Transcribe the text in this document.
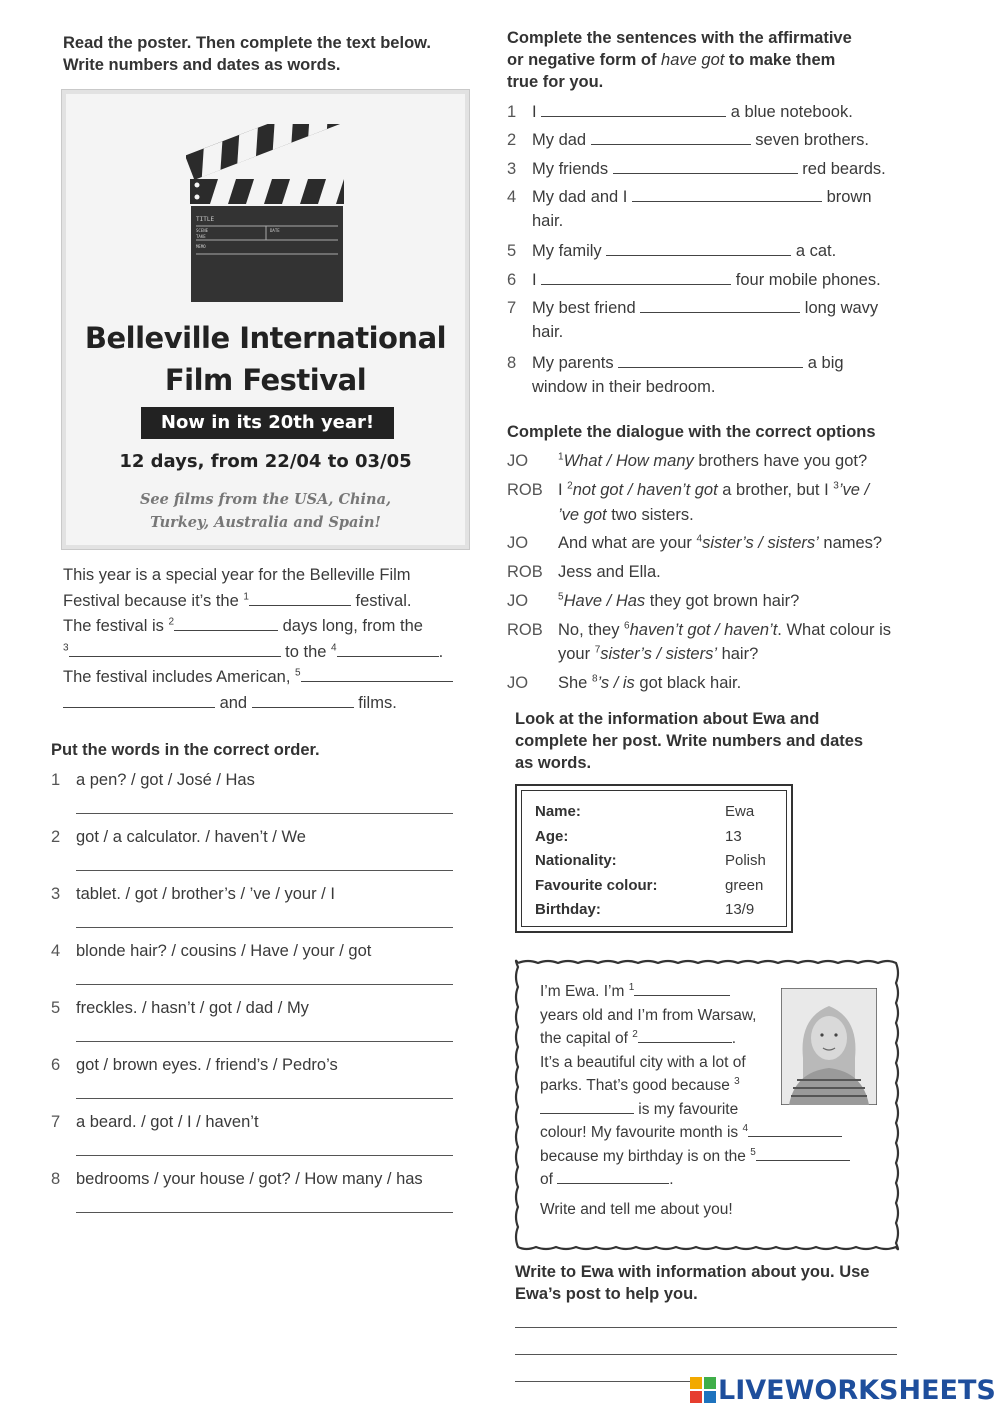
Read the poster. Then complete the text below.
Write numbers and dates as words.
TITLE
SCENE
TAKE
DATE
MEMO
Belleville International
Film Festival
Now in its 20th year!
12 days, from 22/04 to 03/05
See films from the USA, China,
Turkey, Australia and Spain!
This year is a special year for the Belleville Film
Festival because it’s the $^1$	festival.
The festival is $^2$	days long, from the
$^3$	to the $^4$	.
The festival includes American, $^5$
and	films.
Put the words in the correct order.
1 a pen? / got / José / Has
2 got / a calculator. / haven’t / We
3 tablet. / got / brother’s / ’ve / your / I
4 blonde hair? / cousins / Have / your / got
5 freckles. / hasn’t / got / dad / My
6 got / brown eyes. / friend’s / Pedro’s
7 a beard. / got / I / haven’t
8 bedrooms / your house / got? / How many / has
Complete the sentences with the affirmative
or negative form of have got to make them
true for you.
1 I	a blue notebook.
2 My dad	seven brothers.
3 My friends	red beards.
4 My dad and I	brown
hair.
5 My family	a cat.
6 I	four mobile phones.
7 My best friend	long wavy
hair.
8 My parents	a big
window in their bedroom.
Complete the dialogue with the correct options
JO	$^1$What / How many brothers have you got?
ROB I $^2$not got / haven’t got a brother, but I $^3$’ve /
’ve got two sisters.
JO And what are your $^4$sister’s / sisters’ names?
ROB Jess and Ella.
JO	$^5$Have / Has they got brown hair?
ROB No, they $^6$haven’t got / haven’t. What colour is
your $^7$sister’s / sisters’ hair?
JO She $^8$’s / is got black hair.
Look at the information about Ewa and
complete her post. Write numbers and dates
as words.
Name:	Ewa
Age:	13
Nationality:	Polish
Favourite colour:	green
Birthday:	13/9
I’m Ewa. I’m $^1$
years old and I’m from Warsaw,
the capital of $^2$	.
It’s a beautiful city with a lot of
parks. That’s good because $^3$
is my favourite
colour! My favourite month is $^4$
because my birthday is on the $^5$
of	.
Write and tell me about you!
Write to Ewa with information about you. Use
Ewa’s post to help you.
LIVEWORKSHEETS
